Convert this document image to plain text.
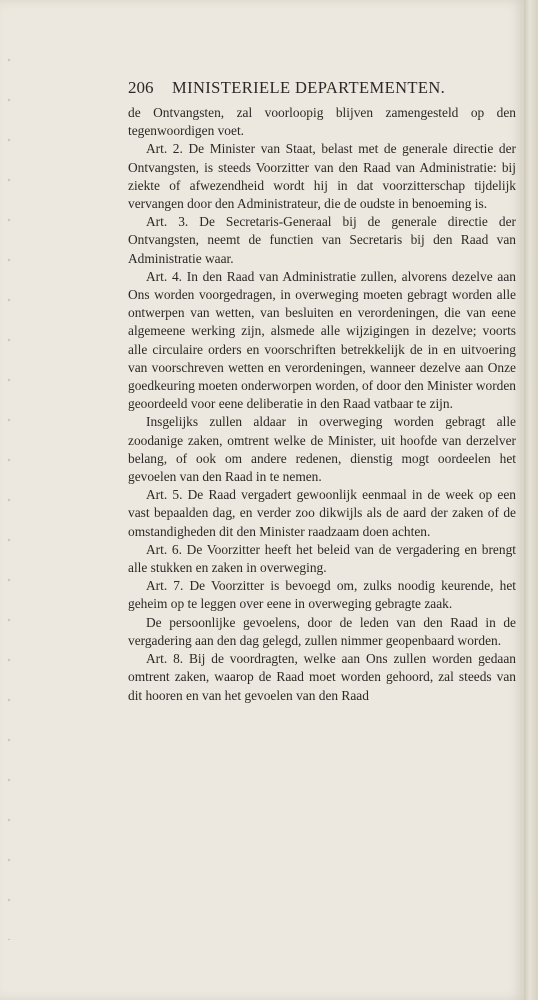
206 MINISTERIELE DEPARTEMENTEN.

de Ontvangsten, zal voorloopig blijven zamengesteld op den tegenwoordigen voet.

Art. 2. De Minister van Staat, belast met de generale directie der Ontvangsten, is steeds Voorzitter van den Raad van Administratie: bij ziekte of afwezendheid wordt hij in dat voorzitterschap tijdelijk vervangen door den Administrateur, die de oudste in benoeming is.

Art. 3. De Secretaris-Generaal bij de generale directie der Ontvangsten, neemt de functien van Secretaris bij den Raad van Administratie waar.

Art. 4. In den Raad van Administratie zullen, alvorens dezelve aan Ons worden voorgedragen, in overweging moeten gebragt worden alle ontwerpen van wetten, van besluiten en verordeningen, die van eene algemeene werking zijn, alsmede alle wijzigingen in dezelve; voorts alle circulaire orders en voorschriften betrekkelijk de in en uitvoering van voorschreven wetten en verordeningen, wanneer dezelve aan Onze goedkeuring moeten onderworpen worden, of door den Minister worden geoordeeld voor eene deliberatie in den Raad vatbaar te zijn.

Insgelijks zullen aldaar in overweging worden gebragt alle zoodanige zaken, omtrent welke de Minister, uit hoofde van derzelver belang, of ook om andere redenen, dienstig mogt oordeelen het gevoelen van den Raad in te nemen.

Art. 5. De Raad vergadert gewoonlijk eenmaal in de week op een vast bepaalden dag, en verder zoo dikwijls als de aard der zaken of de omstandigheden dit den Minister raadzaam doen achten.

Art. 6. De Voorzitter heeft het beleid van de vergadering en brengt alle stukken en zaken in overweging.

Art. 7. De Voorzitter is bevoegd om, zulks noodig keurende, het geheim op te leggen over eene in overweging gebragte zaak.

De persoonlijke gevoelens, door de leden van den Raad in de vergadering aan den dag gelegd, zullen nimmer geopenbaard worden.

Art. 8. Bij de voordragten, welke aan Ons zullen worden gedaan omtrent zaken, waarop de Raad moet worden gehoord, zal steeds van dit hooren en van het gevoelen van den Raad
